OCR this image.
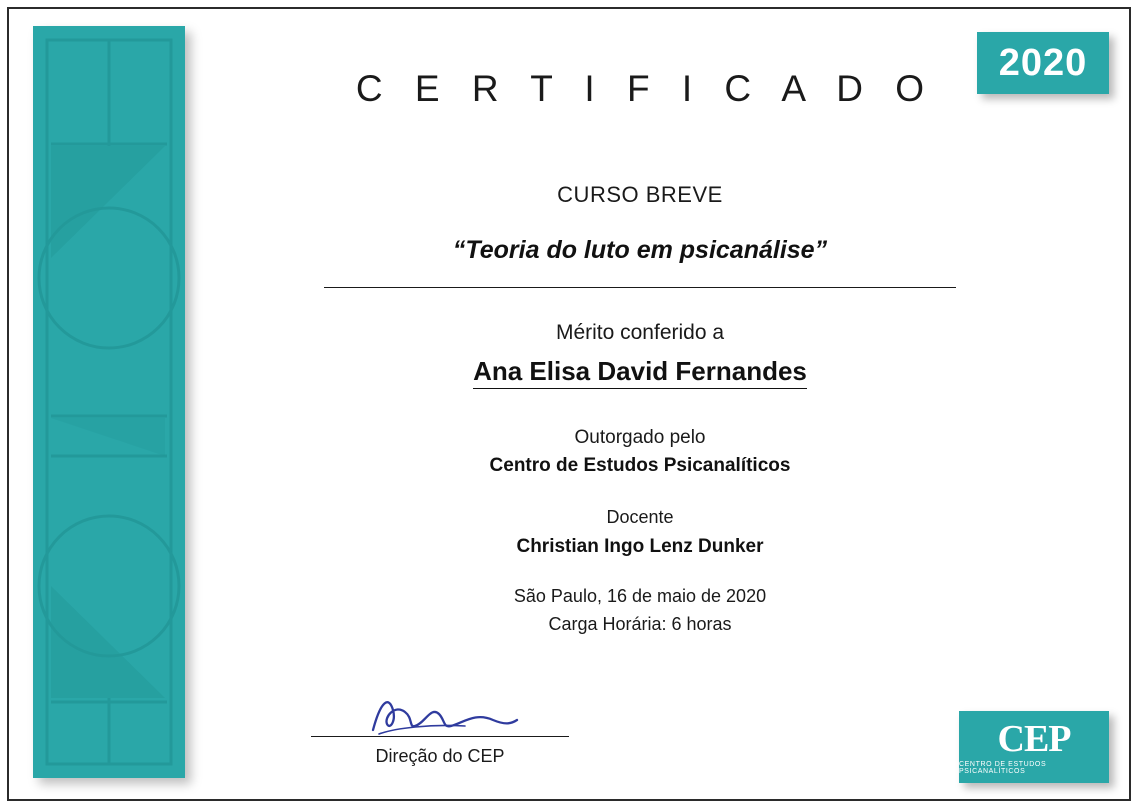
2020
C E R T I F I C A D O
CURSO BREVE
“Teoria do luto em psicanálise”
Mérito conferido a
Ana Elisa David Fernandes
Outorgado pelo
Centro de Estudos Psicanalíticos
Docente
Christian Ingo Lenz Dunker
São Paulo, 16 de maio de 2020
Carga Horária: 6 horas
Direção do CEP	CEP
CENTRO DE ESTUDOS PSICANALÍTICOS
